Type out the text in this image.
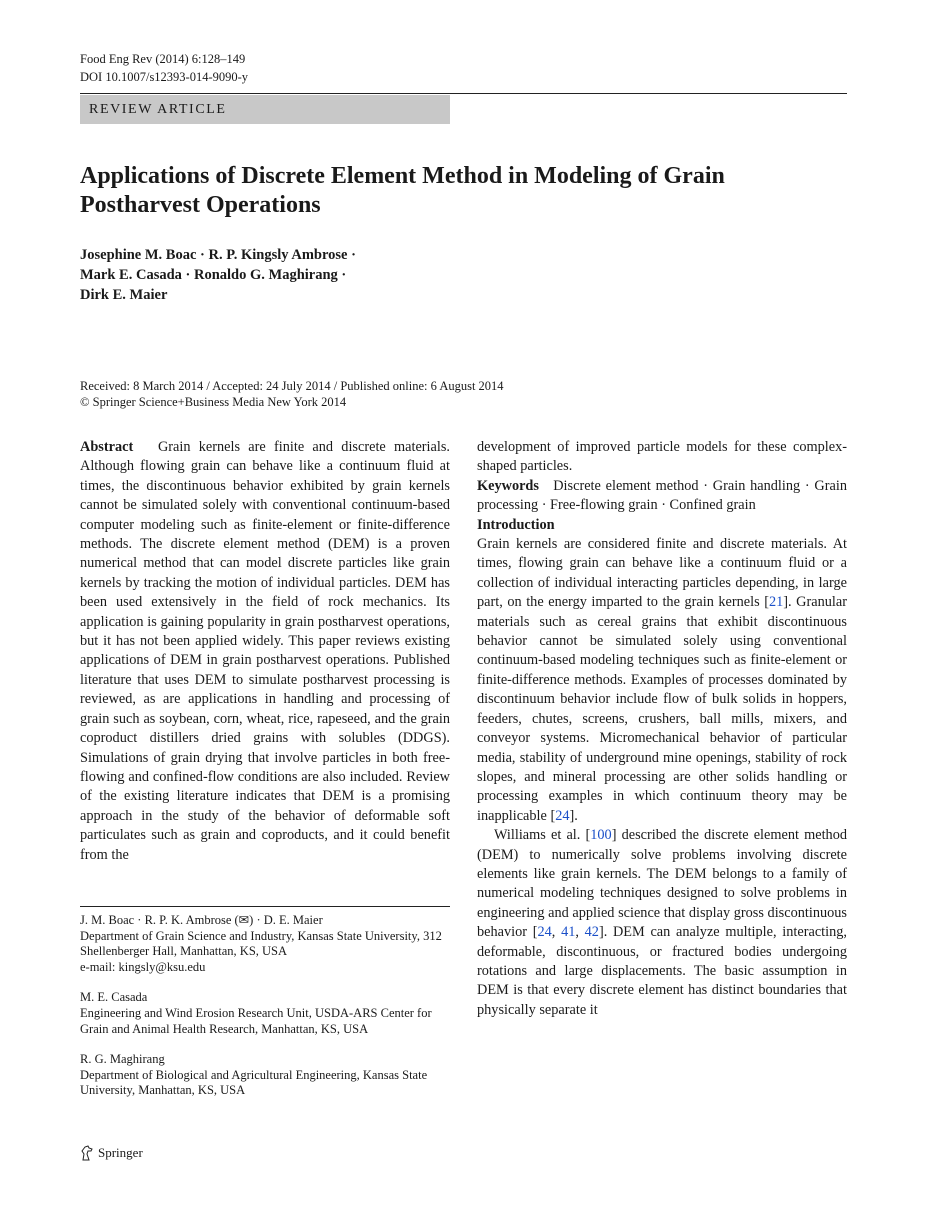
Food Eng Rev (2014) 6:128–149
DOI 10.1007/s12393-014-9090-y
REVIEW ARTICLE
Applications of Discrete Element Method in Modeling of Grain Postharvest Operations
Josephine M. Boac · R. P. Kingsly Ambrose ·
Mark E. Casada · Ronaldo G. Maghirang ·
Dirk E. Maier
Received: 8 March 2014 / Accepted: 24 July 2014 / Published online: 6 August 2014
© Springer Science+Business Media New York 2014

Abstract Grain kernels are finite and discrete materials. Although flowing grain can behave like a continuum fluid at times, the discontinuous behavior exhibited by grain kernels cannot be simulated solely with conventional continuum-based computer modeling such as finite-element or finite-difference methods. The discrete element method (DEM) is a proven numerical method that can model discrete particles like grain kernels by tracking the motion of individual particles. DEM has been used extensively in the field of rock mechanics. Its application is gaining popularity in grain postharvest operations, but it has not been applied widely. This paper reviews existing applications of DEM in grain postharvest operations. Published literature that uses DEM to simulate postharvest processing is reviewed, as are applications in handling and processing of grain such as soybean, corn, wheat, rice, rapeseed, and the grain coproduct distillers dried grains with solubles (DDGS). Simulations of grain drying that involve particles in both free-flowing and confined-flow conditions are also included. Review of the existing literature indicates that DEM is a promising approach in the study of the behavior of deformable soft particulates such as grain and coproducts, and it could benefit from the

J. M. Boac · R. P. K. Ambrose (✉) · D. E. Maier
Department of Grain Science and Industry, Kansas State University, 312 Shellenberger Hall, Manhattan, KS, USA
e-mail: kingsly@ksu.edu
M. E. Casada
Engineering and Wind Erosion Research Unit, USDA-ARS Center for Grain and Animal Health Research, Manhattan, KS, USA
R. G. Maghirang
Department of Biological and Agricultural Engineering, Kansas State University, Manhattan, KS, USA

development of improved particle models for these complex-shaped particles.

Keywords Discrete element method · Grain handling · Grain processing · Free-flowing grain · Confined grain

Introduction

Grain kernels are considered finite and discrete materials. At times, flowing grain can behave like a continuum fluid or a collection of individual interacting particles depending, in large part, on the energy imparted to the grain kernels [21]. Granular materials such as cereal grains that exhibit discontinuous behavior cannot be simulated solely using conventional continuum-based modeling techniques such as finite-element or finite-difference methods. Examples of processes dominated by discontinuum behavior include flow of bulk solids in hoppers, feeders, chutes, screens, crushers, ball mills, mixers, and conveyor systems. Micromechanical behavior of particular media, stability of underground mine openings, stability of rock slopes, and mineral processing are other solids handling or processing examples in which continuum theory may be inapplicable [24].

Williams et al. [100] described the discrete element method (DEM) to numerically solve problems involving discrete elements like grain kernels. The DEM belongs to a family of numerical modeling techniques designed to solve problems in engineering and applied science that display gross discontinuous behavior [24, 41, 42]. DEM can analyze multiple, interacting, deformable, discontinuous, or fractured bodies undergoing rotations and large displacements. The basic assumption in DEM is that every discrete element has distinct boundaries that physically separate it

Springer
